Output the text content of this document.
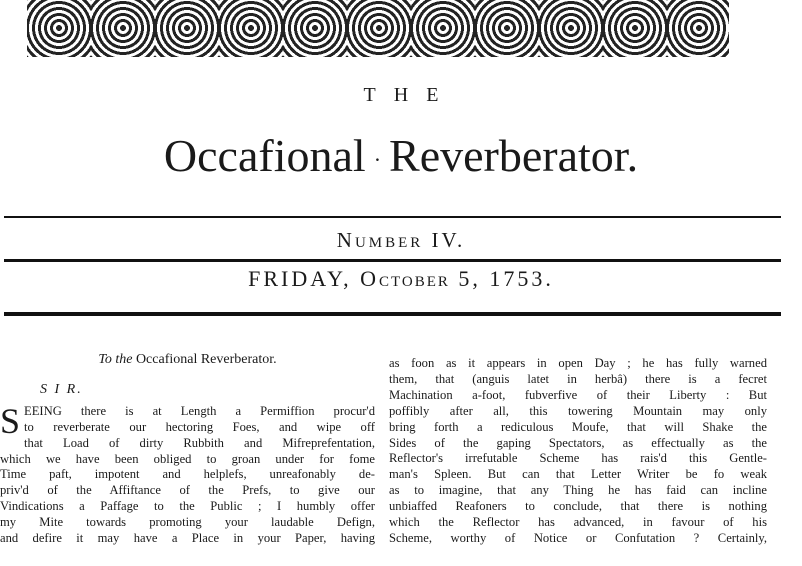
THE
Occafional · Reverberator.
NUMBER IV.
FRIDAY, OCTOBER 5, 1753.
To the Occafional Reverberator.
S I R.
S EEING there is at Length a Permiffion procur'd
to reverberate our hectoring Foes, and wipe off
that Load of dirty Rubbith and Mifreprefentation,
which we have been obliged to groan under for fome
Time paft, impotent and helplefs, unreafonably de-
priv'd of the Affiftance of the Prefs, to give our
Vindications a Paffage to the Public ; I humbly offer
my Mite towards promoting your laudable Defign,
and defire it may have a Place in your Paper, having
as foon as it appears in open Day ; he has fully warned
them, that (anguis latet in herbâ) there is a fecret
Machination a-foot, fubverfive of their Liberty : But
poffibly after all, this towering Mountain may only
bring forth a rediculous Moufe, that will Shake the
Sides of the gaping Spectators, as effectually as the
Reflector's irrefutable Scheme has rais'd this Gentle-
man's Spleen. But can that Letter Writer be fo weak
as to imagine, that any Thing he has faid can incline
unbiaffed Reafoners to conclude, that there is nothing
which the Reflector has advanced, in favour of his
Scheme, worthy of Notice or Confutation ? Certainly,
